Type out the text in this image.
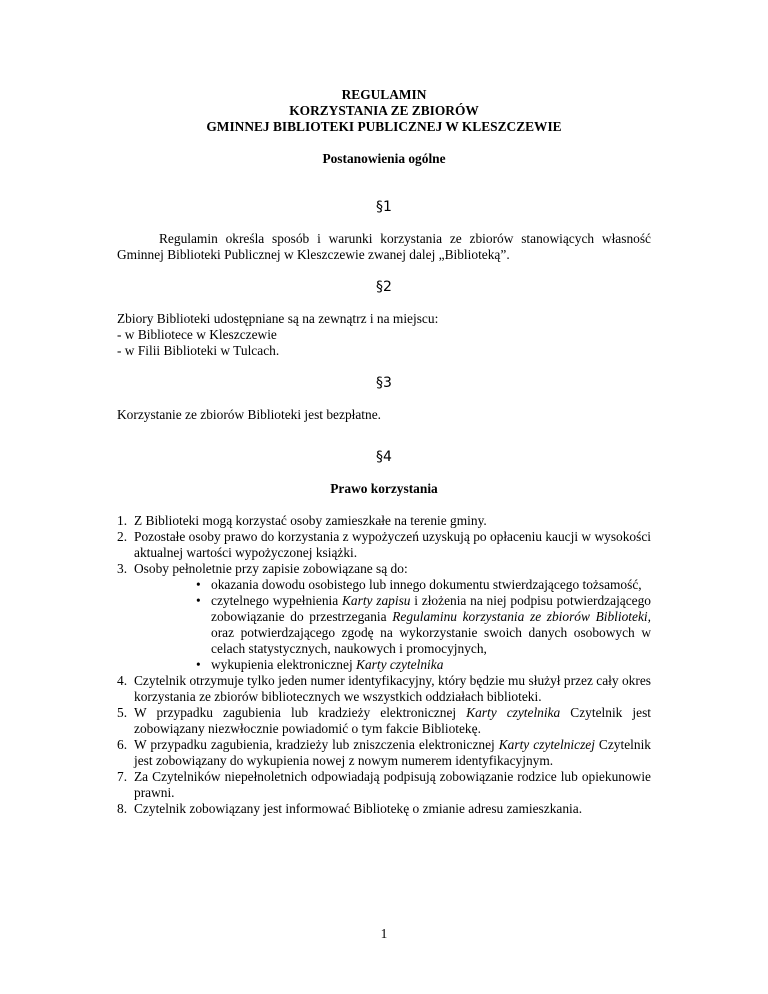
REGULAMIN
KORZYSTANIA ZE ZBIORÓW
GMINNEJ BIBLIOTEKI PUBLICZNEJ W KLESZCZEWIE
Postanowienia ogólne
§1
Regulamin określa sposób i warunki korzystania ze zbiorów stanowiących własność Gminnej Biblioteki Publicznej w Kleszczewie zwanej dalej „Biblioteką”.
§2
Zbiory Biblioteki udostępniane są na zewnątrz i na miejscu:
- w Bibliotece w Kleszczewie
- w Filii Biblioteki w Tulcach.
§3
Korzystanie ze zbiorów Biblioteki jest bezpłatne.
§4
Prawo korzystania
1. Z Biblioteki mogą korzystać osoby zamieszkałe na terenie gminy.
2. Pozostałe osoby prawo do korzystania z wypożyczeń uzyskują po opłaceniu kaucji w wysokości aktualnej wartości wypożyczonej książki.
3. Osoby pełnoletnie przy zapisie zobowiązane są do:
• okazania dowodu osobistego lub innego dokumentu stwierdzającego tożsamość,
• czytelnego wypełnienia Karty zapisu i złożenia na niej podpisu potwierdzającego zobowiązanie do przestrzegania Regulaminu korzystania ze zbiorów Biblioteki, oraz potwierdzającego zgodę na wykorzystanie swoich danych osobowych w celach statystycznych, naukowych i promocyjnych,
• wykupienia elektronicznej Karty czytelnika
4. Czytelnik otrzymuje tylko jeden numer identyfikacyjny, który będzie mu służył przez cały okres korzystania ze zbiorów bibliotecznych we wszystkich oddziałach biblioteki.
5. W przypadku zagubienia lub kradzieży elektronicznej Karty czytelnika Czytelnik jest zobowiązany niezwłocznie powiadomić o tym fakcie Bibliotekę.
6. W przypadku zagubienia, kradzieży lub zniszczenia elektronicznej Karty czytelniczej Czytelnik jest zobowiązany do wykupienia nowej z nowym numerem identyfikacyjnym.
7. Za Czytelników niepełnoletnich odpowiadają podpisują zobowiązanie rodzice lub opiekunowie prawni.
8. Czytelnik zobowiązany jest informować Bibliotekę o zmianie adresu zamieszkania.
1
